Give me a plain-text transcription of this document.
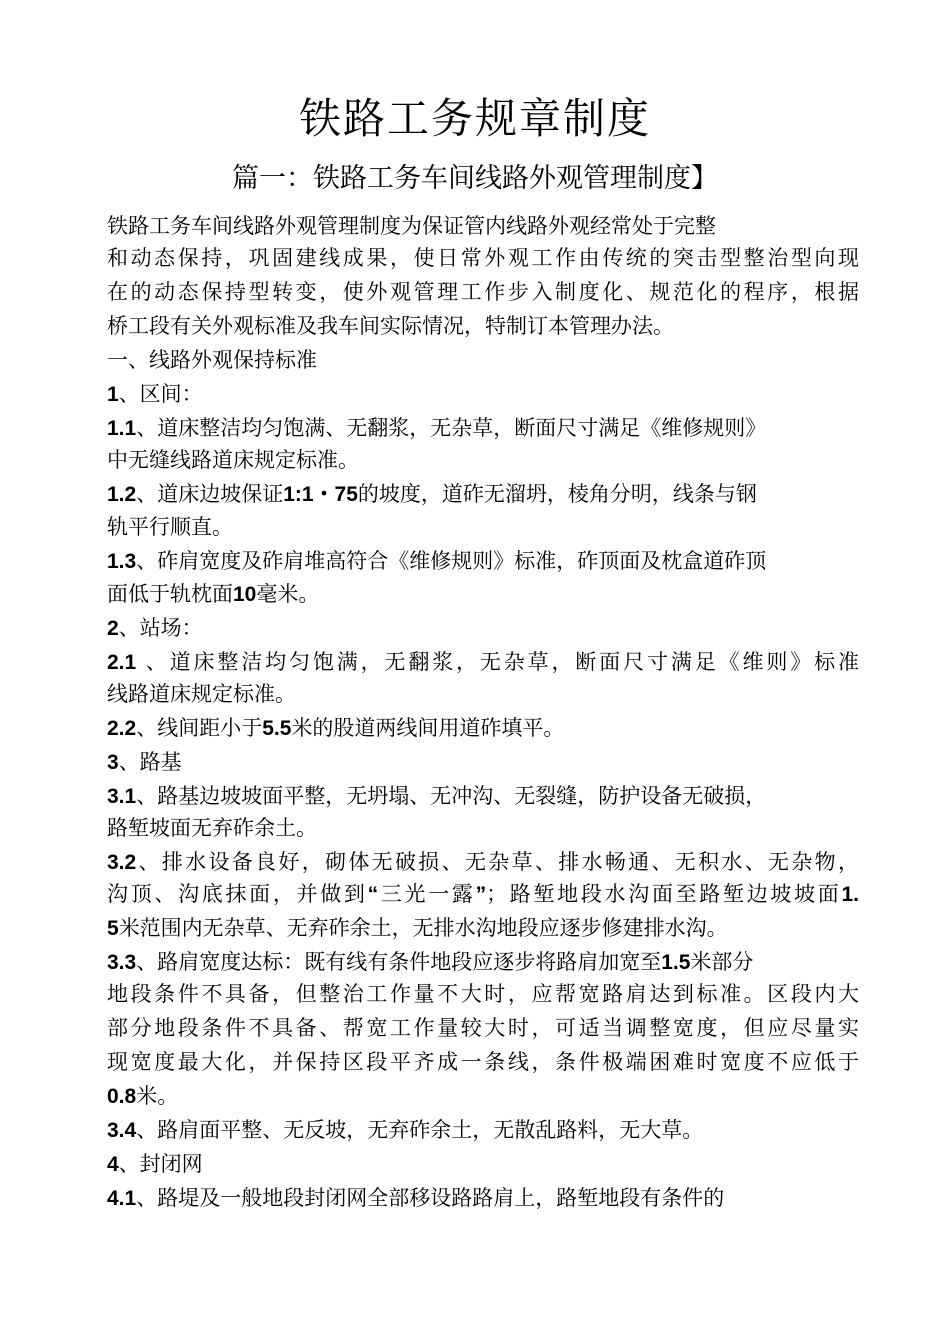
铁路工务规章制度
篇一：铁路工务车间线路外观管理制度】
铁路工务车间线路外观管理制度为保证管内线路外观经常处于完整
和动态保持，巩固建线成果，使日常外观工作由传统的突击型整治型向现
在的动态保持型转变，使外观管理工作步入制度化、规范化的程序，根据
桥工段有关外观标准及我车间实际情况，特制订本管理办法。
一、线路外观保持标准
1、区间：
1.1、道床整洁均匀饱满、无翻浆，无杂草，断面尺寸满足《维修规则》
中无缝线路道床规定标准。
1.2、道床边坡保证1:1・75的坡度，道砟无溜坍，棱角分明，线条与钢
轨平行顺直。
1.3、砟肩宽度及砟肩堆高符合《维修规则》标准，砟顶面及枕盒道砟顶
面低于轨枕面10毫米。
2、站场：
2.1 、道床整洁均匀饱满，无翻浆，无杂草，断面尺寸满足《维则》标准
线路道床规定标准。
2.2、线间距小于5.5米的股道两线间用道砟填平。
3、路基
3.1、路基边坡坡面平整，无坍塌、无冲沟、无裂缝，防护设备无破损，
路堑坡面无弃砟余土。
3.2、排水设备良好，砌体无破损、无杂草、排水畅通、无积水、无杂物，
沟顶、沟底抹面，并做到“三光一露”；路堑地段水沟面至路堑边坡坡面1.
5米范围内无杂草、无弃砟余土，无排水沟地段应逐步修建排水沟。
3.3、路肩宽度达标：既有线有条件地段应逐步将路肩加宽至1.5米部分
地段条件不具备，但整治工作量不大时，应帮宽路肩达到标准。区段内大
部分地段条件不具备、帮宽工作量较大时，可适当调整宽度，但应尽量实
现宽度最大化，并保持区段平齐成一条线，条件极端困难时宽度不应低于
0.8米。
3.4、路肩面平整、无反坡，无弃砟余土，无散乱路料，无大草。
4、封闭网
4.1、路堤及一般地段封闭网全部移设路路肩上，路堑地段有条件的
